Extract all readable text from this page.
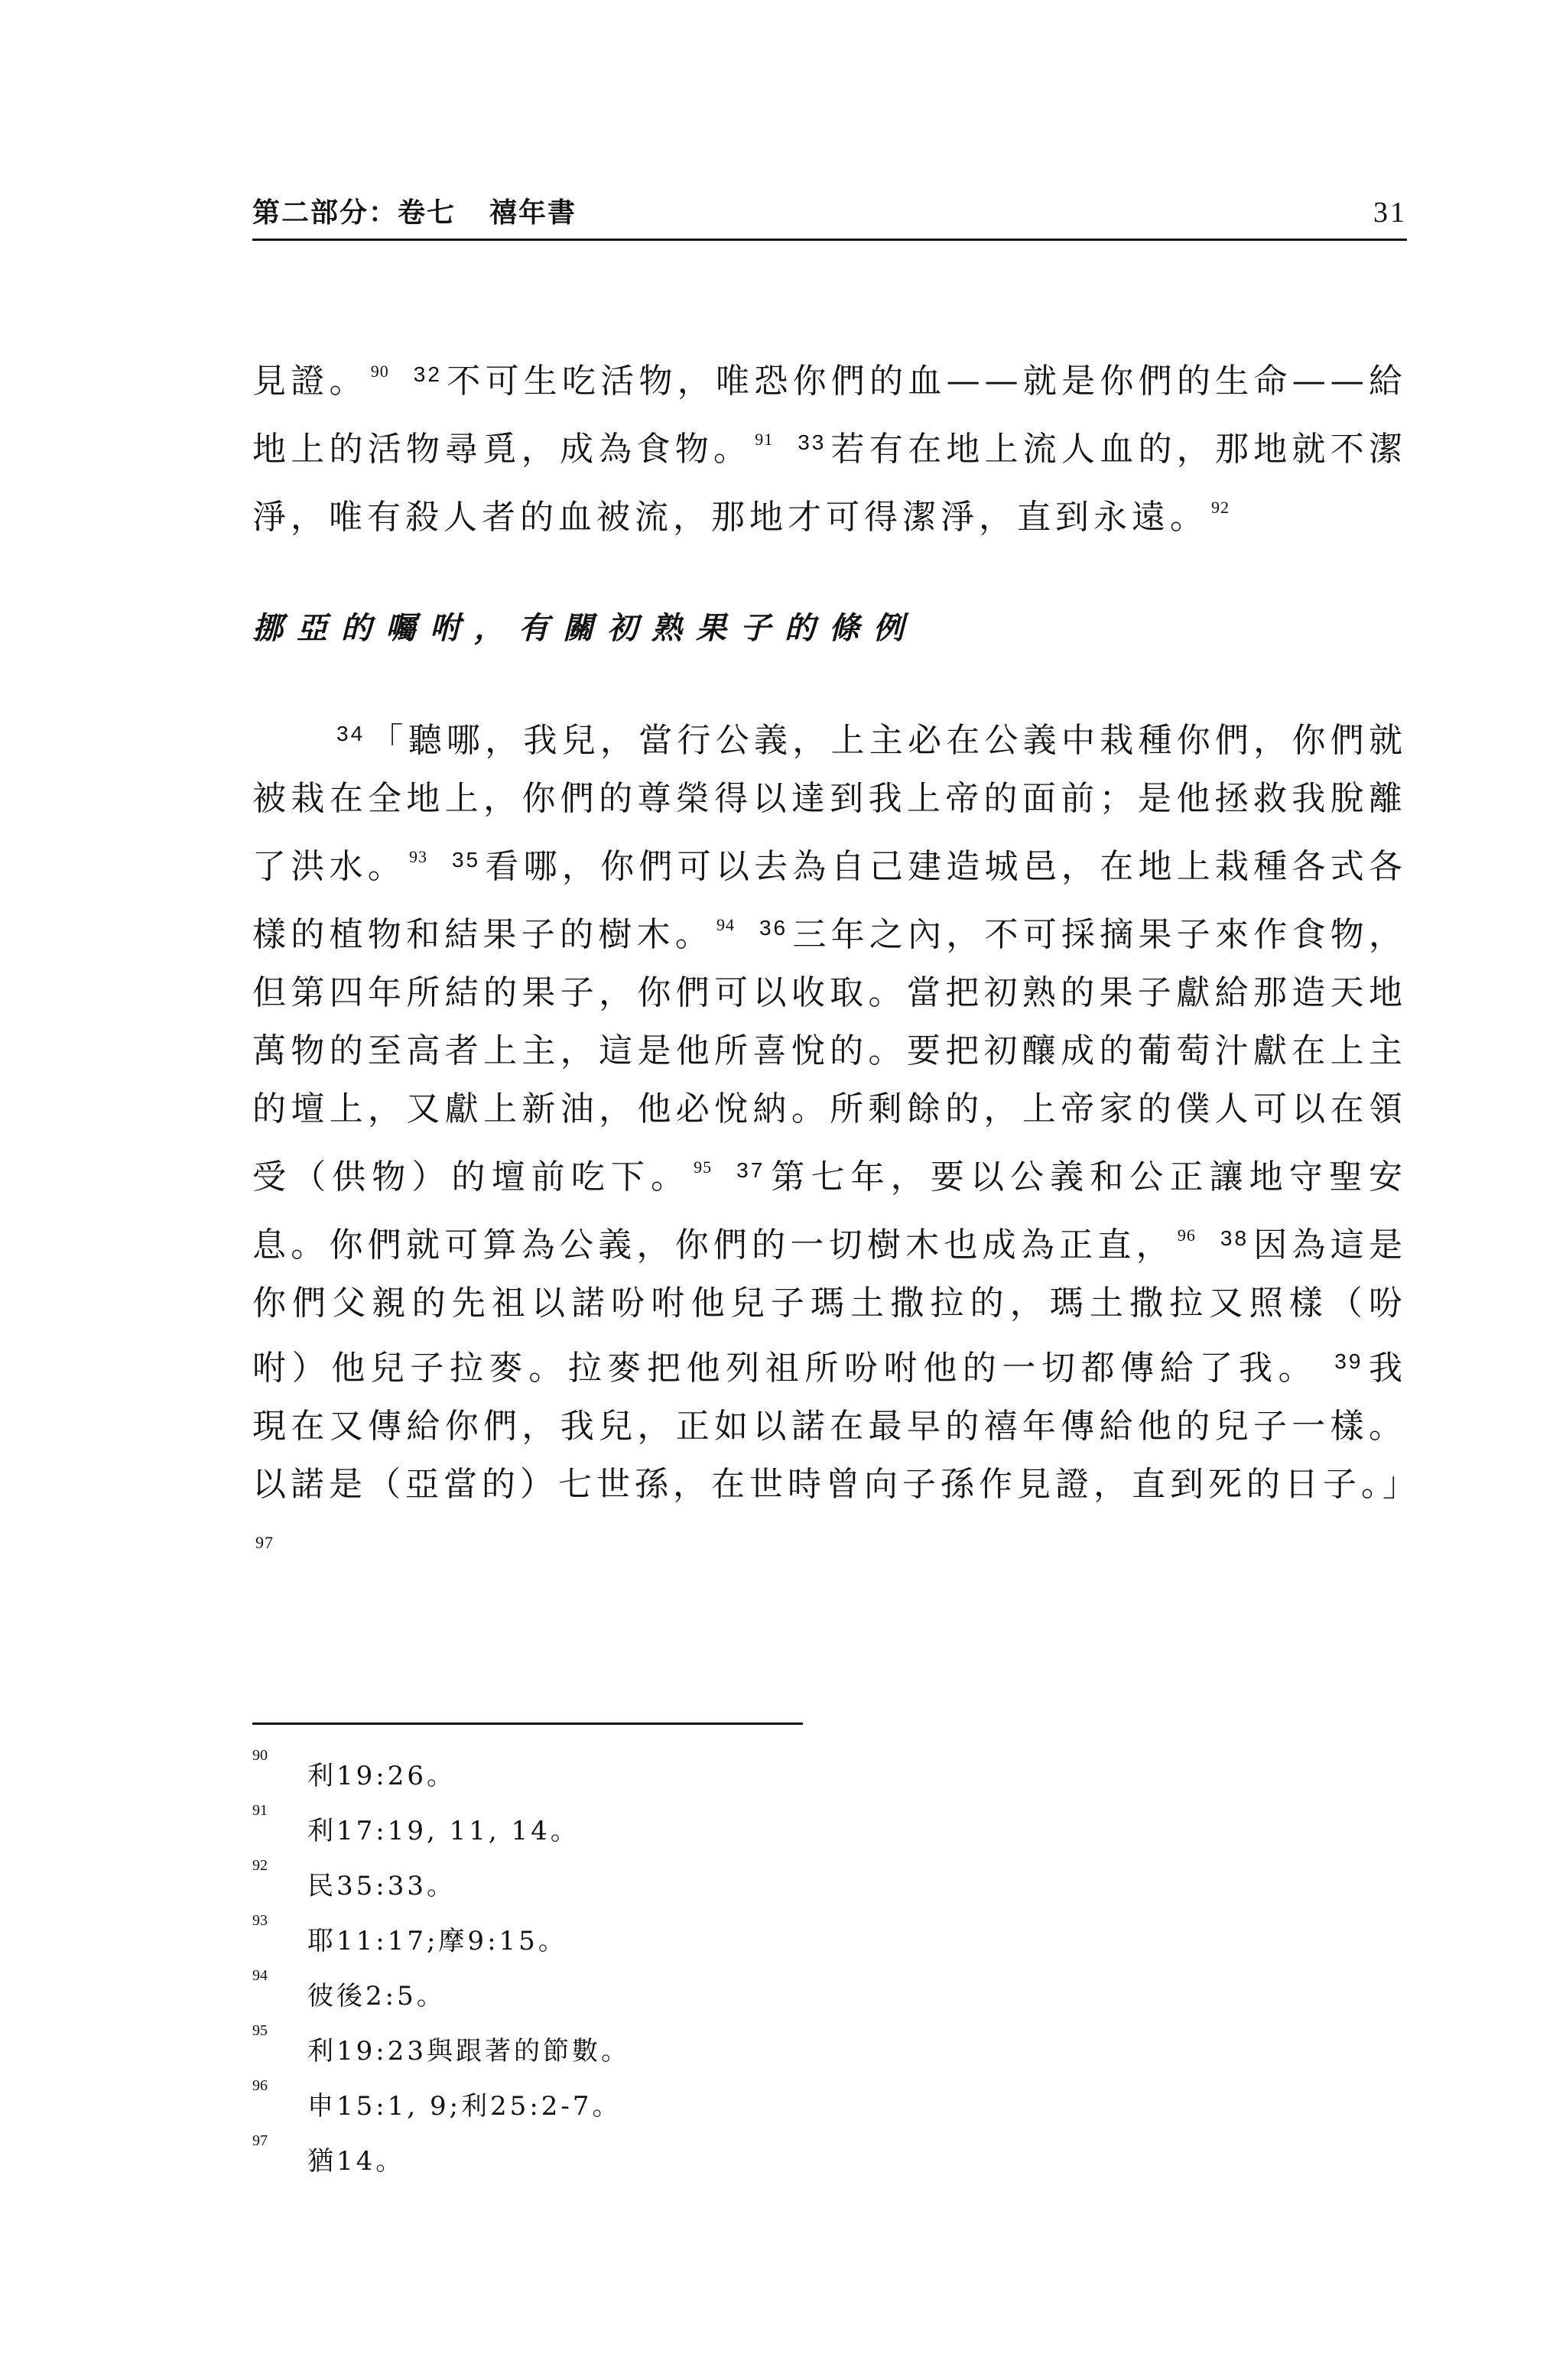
第二部分：卷七 禧年書	31
見證。 $^{90}$ $^{32}$ 不可生吃活物，唯恐你們的血——就是你們的生命——給地上的活物尋覓，成為食物。 $^{91}$ $^{33}$ 若有在地上流人血的，那地就不潔淨，唯有殺人者的血被流，那地才可得潔淨，直到永遠。 $^{92}$
挪亞的囑咐，有關初熟果子的條例
$^{34}$ 「聽哪，我兒，當行公義，上主必在公義中栽種你們，你們就被栽在全地上，你們的尊榮得以達到我上帝的面前；是他拯救我脫離了洪水。 $^{93}$ $^{35}$ 看哪，你們可以去為自己建造城邑，在地上栽種各式各樣的植物和結果子的樹木。 $^{94}$ $^{36}$ 三年之內，不可採摘果子來作食物，但第四年所結的果子，你們可以收取。當把初熟的果子獻給那造天地萬物的至高者上主，這是他所喜悅的。要把初釀成的葡萄汁獻在上主的壇上，又獻上新油，他必悅納。所剩餘的，上帝家的僕人可以在領受（供物）的壇前吃下。 $^{95}$ $^{37}$ 第七年，要以公義和公正讓地守聖安息。你們就可算為公義，你們的一切樹木也成為正直， $^{96}$ $^{38}$ 因為這是你們父親的先祖以諾吩咐他兒子瑪土撒拉的，瑪土撒拉又照樣（吩咐）他兒子拉麥。拉麥把他列祖所吩咐他的一切都傳給了我。 $^{39}$ 我現在又傳給你們，我兒，正如以諾在最早的禧年傳給他的兒子一樣。以諾是（亞當的）七世孫，在世時曾向子孫作見證，直到死的日子。」$^{97}$
90
利19:26。
91
利17:19, 11, 14。
92
民35:33。
93
耶11:17;摩9:15。
94
彼後2:5。
95
利19:23與跟著的節數。
96
申15:1, 9;利25:2-7。
97
猶14。
